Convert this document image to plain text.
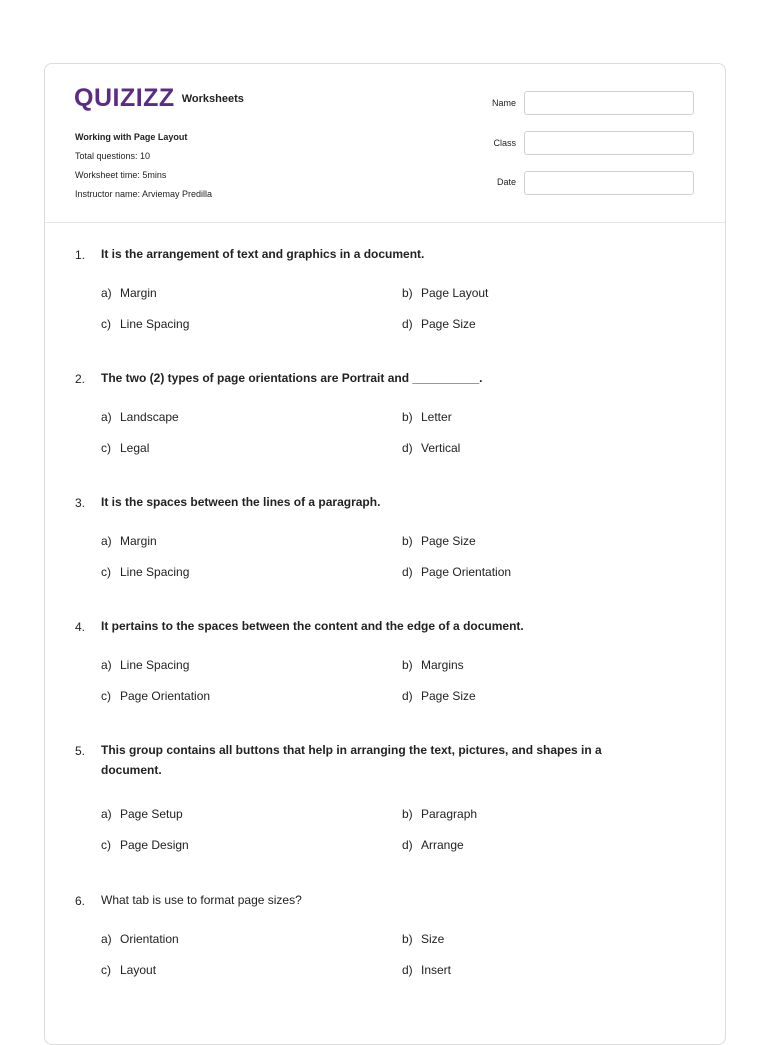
QUIZIZZ Worksheets
Working with Page Layout
Total questions: 10
Worksheet time: 5mins
Instructor name: Arviemay Predilla
Name
Class
Date
1. It is the arrangement of text and graphics in a document.
a) Margin	b) Page Layout
c) Line Spacing	d) Page Size
2. The two (2) types of page orientations are Portrait and __________.
a) Landscape	b) Letter
c) Legal	d) Vertical
3. It is the spaces between the lines of a paragraph.
a) Margin	b) Page Size
c) Line Spacing	d) Page Orientation
4. It pertains to the spaces between the content and the edge of a document.
a) Line Spacing	b) Margins
c) Page Orientation	d) Page Size
5. This group contains all buttons that help in arranging the text, pictures, and shapes in a document.
a) Page Setup	b) Paragraph
c) Page Design	d) Arrange
6. What tab is use to format page sizes?
a) Orientation	b) Size
c) Layout	d) Insert
